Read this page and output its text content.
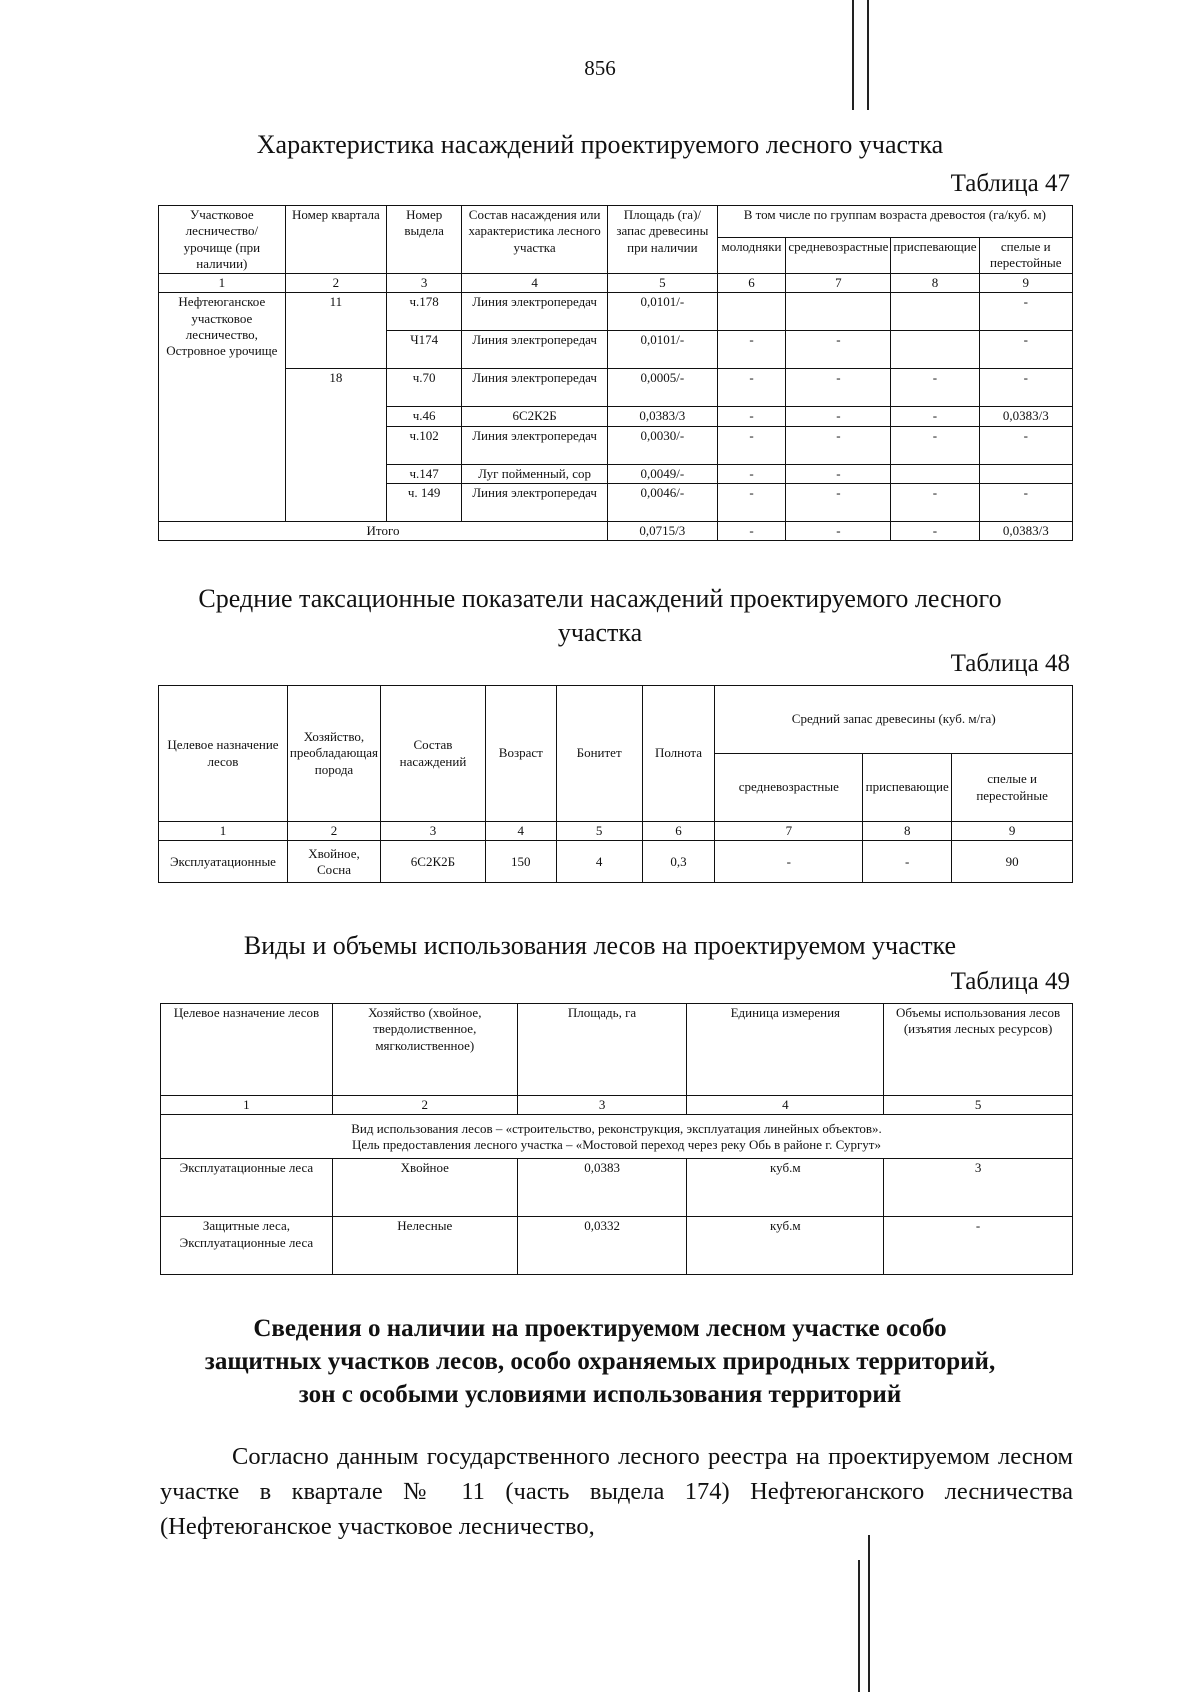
856
Характеристика насаждений проектируемого лесного участка
Таблица 47
Участковое лесничество/ урочище (при наличии)	Номер квартала	Номер выдела	Состав насаждения или характеристика лесного участка	Площадь (га)/запас древесины при наличии	В том числе по группам возраста древостоя (га/куб. м)			
					молодняки	средневозрастные	приспевающие	спелые и перестойные
1	2	3	4	5	6	7	8	9
Нефтеюганское участковое лесничество, Островное урочище	11	ч.178	Линия электропередач	0,0101/-				-
		Ч174	Линия электропередач	0,0101/-	-	-		-
	18	ч.70	Линия электропередач	0,0005/-	-	-	-	-
		ч.46	6С2К2Б	0,0383/3	-	-	-	0,0383/3
		ч.102	Линия электропередач	0,0030/-	-	-	-	-
		ч.147	Луг пойменный, сор	0,0049/-	-	-		
		ч. 149	Линия электропередач	0,0046/-	-	-	-	-
Итого				0,0715/3	-	-	-	0,0383/3
Средние таксационные показатели насаждений проектируемого лесного
участка
Таблица 48
Целевое назначение лесов	Хозяйство, преобладающая порода	Состав насаждений	Возраст	Бонитет	Полнота	Средний запас древесины (куб. м/га)		
						средневозрастные	приспевающие	спелые и перестойные
1	2	3	4	5	6	7	8	9
Эксплуатационные	Хвойное, Сосна	6С2К2Б	150	4	0,3	-	-	90
Виды и объемы использования лесов на проектируемом участке
Таблица 49
Целевое назначение лесов	Хозяйство (хвойное, твердолиственное, мягколиственное)	Площадь, га	Единица измерения	Объемы использования лесов (изъятия лесных ресурсов)
1	2	3	4	5

Вид использования лесов – «строительство, реконструкция, эксплуатация линейных объектов».
Цель предоставления лесного участка – «Мостовой переход через реку Обь в районе г. Сургут»				

Эксплуатационные леса	Хвойное	0,0383	куб.м	3
Защитные леса, Эксплуатационные леса	Нелесные	0,0332	куб.м	-
Сведения о наличии на проектируемом лесном участке особо
защитных участков лесов, особо охраняемых природных территорий,
зон с особыми условиями использования территорий
Согласно данным государственного лесного реестра на проектируемом лесном участке в квартале № 11 (часть выдела 174) Нефтеюганского лесничества (Нефтеюганское участковое лесничество,
